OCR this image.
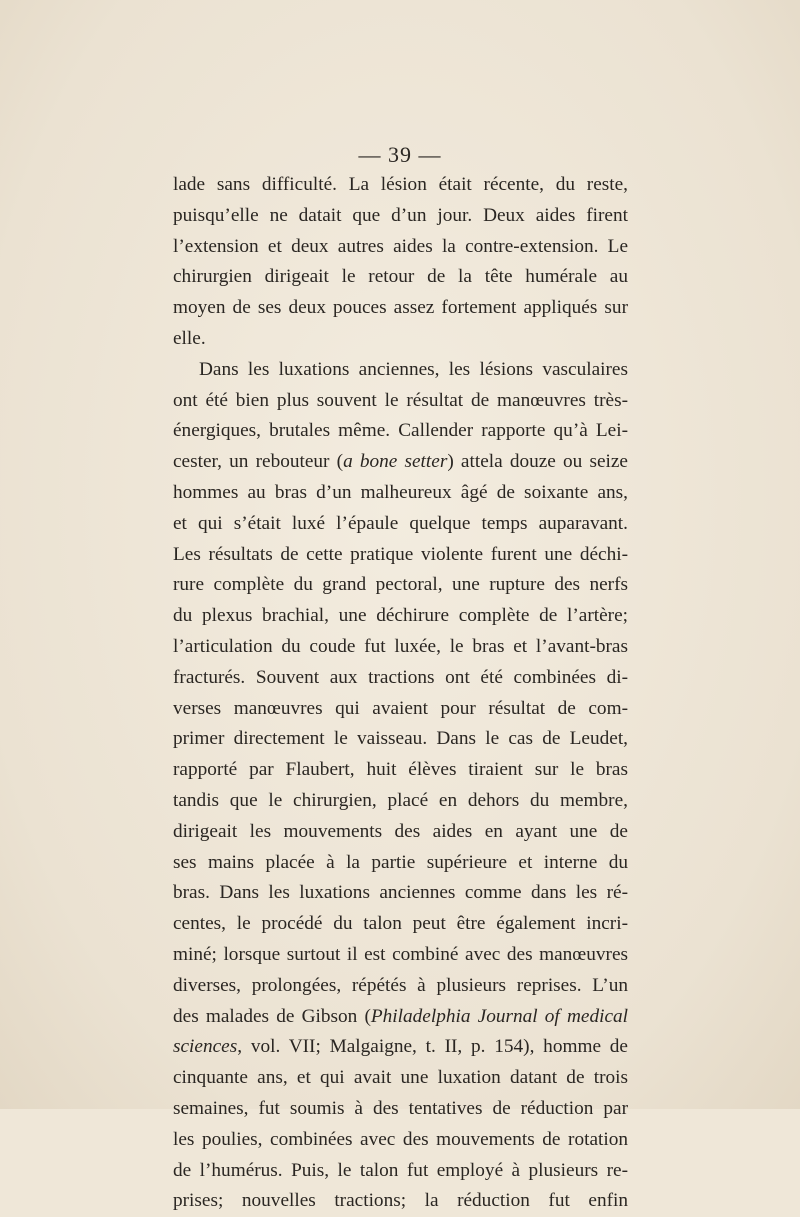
— 39 —
lade sans difficulté. La lésion était récente, du reste,
puisqu’elle ne datait que d’un jour. Deux aides firent
l’extension et deux autres aides la contre-extension. Le
chirurgien dirigeait le retour de la tête humérale au
moyen de ses deux pouces assez fortement appliqués sur
elle.
Dans les luxations anciennes, les lésions vasculaires
ont été bien plus souvent le résultat de manœuvres très-
énergiques, brutales même. Callender rapporte qu’à Lei-
cester, un rebouteur (a bone setter) attela douze ou seize
hommes au bras d’un malheureux âgé de soixante ans,
et qui s’était luxé l’épaule quelque temps auparavant.
Les résultats de cette pratique violente furent une déchi-
rure complète du grand pectoral, une rupture des nerfs
du plexus brachial, une déchirure complète de l’artère;
l’articulation du coude fut luxée, le bras et l’avant-bras
fracturés. Souvent aux tractions ont été combinées di-
verses manœuvres qui avaient pour résultat de com-
primer directement le vaisseau. Dans le cas de Leudet,
rapporté par Flaubert, huit élèves tiraient sur le bras
tandis que le chirurgien, placé en dehors du membre,
dirigeait les mouvements des aides en ayant une de
ses mains placée à la partie supérieure et interne du
bras. Dans les luxations anciennes comme dans les ré-
centes, le procédé du talon peut être également incri-
miné; lorsque surtout il est combiné avec des manœuvres
diverses, prolongées, répétés à plusieurs reprises. L’un
des malades de Gibson (Philadelphia Journal of medical
sciences, vol. VII; Malgaigne, t. II, p. 154), homme de
cinquante ans, et qui avait une luxation datant de trois
semaines, fut soumis à des tentatives de réduction par
les poulies, combinées avec des mouvements de rotation
de l’humérus. Puis, le talon fut employé à plusieurs re-
prises; nouvelles tractions; la réduction fut enfin
